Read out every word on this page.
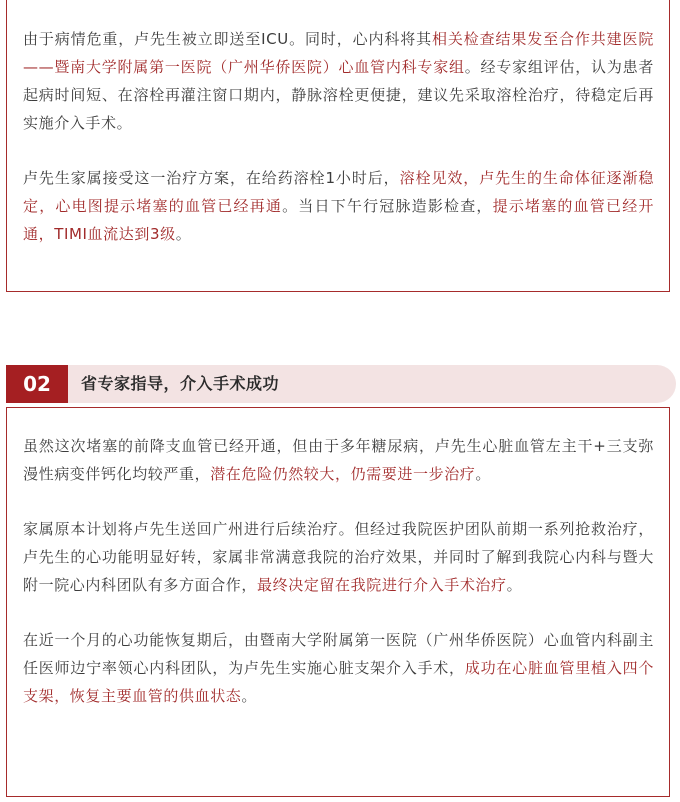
由于病情危重，卢先生被立即送至ICU。同时，心内科将其相关检查结果发至合作共建医院——暨南大学附属第一医院（广州华侨医院）心血管内科专家组。经专家组评估，认为患者起病时间短、在溶栓再灌注窗口期内，静脉溶栓更便捷，建议先采取溶栓治疗，待稳定后再实施介入手术。

卢先生家属接受这一治疗方案，在给药溶栓1小时后，溶栓见效，卢先生的生命体征逐渐稳定，心电图提示堵塞的血管已经再通。当日下午行冠脉造影检查，提示堵塞的血管已经开通，TIMI血流达到3级。

02	省专家指导，介入手术成功

虽然这次堵塞的前降支血管已经开通，但由于多年糖尿病，卢先生心脏血管左主干+三支弥漫性病变伴钙化均较严重，潜在危险仍然较大，仍需要进一步治疗。

家属原本计划将卢先生送回广州进行后续治疗。但经过我院医护团队前期一系列抢救治疗，卢先生的心功能明显好转，家属非常满意我院的治疗效果，并同时了解到我院心内科与暨大附一院心内科团队有多方面合作，最终决定留在我院进行介入手术治疗。

在近一个月的心功能恢复期后，由暨南大学附属第一医院（广州华侨医院）心血管内科副主任医师边宁率领心内科团队，为卢先生实施心脏支架介入手术，成功在心脏血管里植入四个支架，恢复主要血管的供血状态。
